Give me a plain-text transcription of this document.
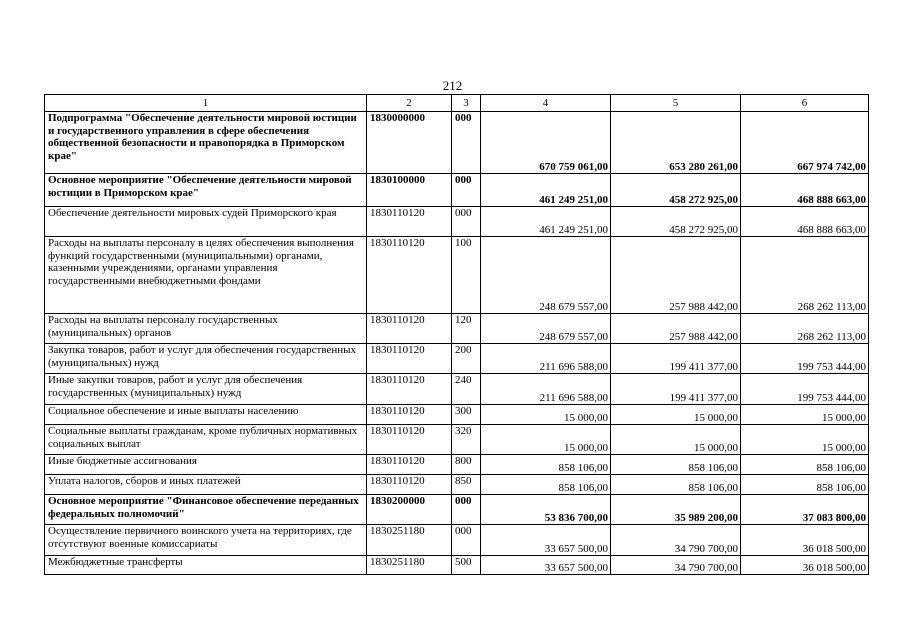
212
1	2	3	4	5	6
Подпрограмма "Обеспечение деятельности мировой юстиции и государственного управления в сфере обеспечения общественной безопасности и правопорядка в Приморском крае"	1830000000	000	670 759 061,00	653 280 261,00	667 974 742,00
Основное мероприятие "Обеспечение деятельности мировой юстиции в Приморском крае"	1830100000	000	461 249 251,00	458 272 925,00	468 888 663,00
Обеспечение деятельности мировых судей Приморского края	1830110120	000	461 249 251,00	458 272 925,00	468 888 663,00
Расходы на выплаты персоналу в целях обеспечения выполнения функций государственными (муниципальными) органами, казенными учреждениями, органами управления государственными внебюджетными фондами	1830110120	100	248 679 557,00	257 988 442,00	268 262 113,00
Расходы на выплаты персоналу государственных (муниципальных) органов	1830110120	120	248 679 557,00	257 988 442,00	268 262 113,00
Закупка товаров, работ и услуг для обеспечения государственных (муниципальных) нужд	1830110120	200	211 696 588,00	199 411 377,00	199 753 444,00
Иные закупки товаров, работ и услуг для обеспечения государственных (муниципальных) нужд	1830110120	240	211 696 588,00	199 411 377,00	199 753 444,00
Социальное обеспечение и иные выплаты населению	1830110120	300	15 000,00	15 000,00	15 000,00
Социальные выплаты гражданам, кроме публичных нормативных социальных выплат	1830110120	320	15 000,00	15 000,00	15 000,00
Иные бюджетные ассигнования	1830110120	800	858 106,00	858 106,00	858 106,00
Уплата налогов, сборов и иных платежей	1830110120	850	858 106,00	858 106,00	858 106,00
Основное мероприятие "Финансовое обеспечение переданных федеральных полномочий"	1830200000	000	53 836 700,00	35 989 200,00	37 083 800,00
Осуществление первичного воинского учета на территориях, где отсутствуют военные комиссариаты	1830251180	000	33 657 500,00	34 790 700,00	36 018 500,00
Межбюджетные трансферты	1830251180	500	33 657 500,00	34 790 700,00	36 018 500,00
